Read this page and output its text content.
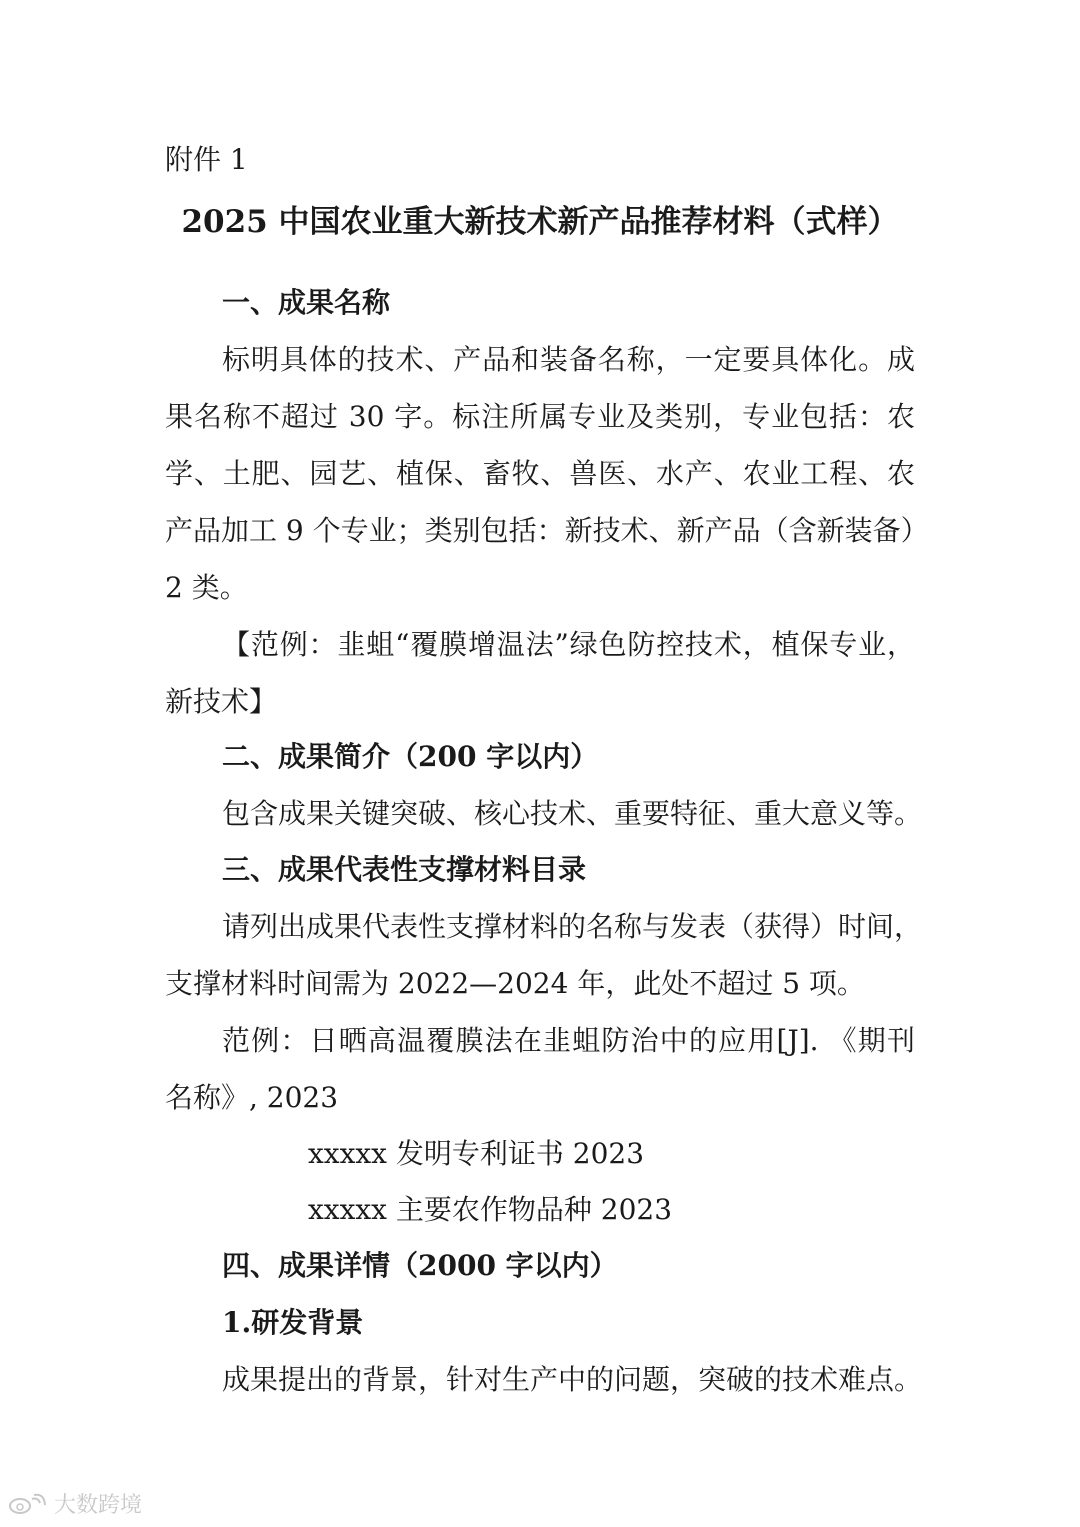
附件 1
2025 中国农业重大新技术新产品推荐材料（式样）
一、成果名称
标明具体的技术、产品和装备名称，一定要具体化。成
果名称不超过 30 字。标注所属专业及类别，专业包括：农
学、土肥、园艺、植保、畜牧、兽医、水产、农业工程、农
产品加工 9 个专业；类别包括：新技术、新产品（含新装备）
2 类。
【范例：韭蛆“覆膜增温法”绿色防控技术，植保专业，
新技术】
二、成果简介（200 字以内）
包含成果关键突破、核心技术、重要特征、重大意义等。
三、成果代表性支撑材料目录
请列出成果代表性支撑材料的名称与发表（获得）时间，
支撑材料时间需为 2022—2024 年，此处不超过 5 项。
范例：日晒高温覆膜法在韭蛆防治中的应用[J]. 《期刊
名称》, 2023
xxxxx 发明专利证书 2023
xxxxx 主要农作物品种 2023
四、成果详情（2000 字以内）
1.研发背景
成果提出的背景，针对生产中的问题，突破的技术难点。
大数跨境
